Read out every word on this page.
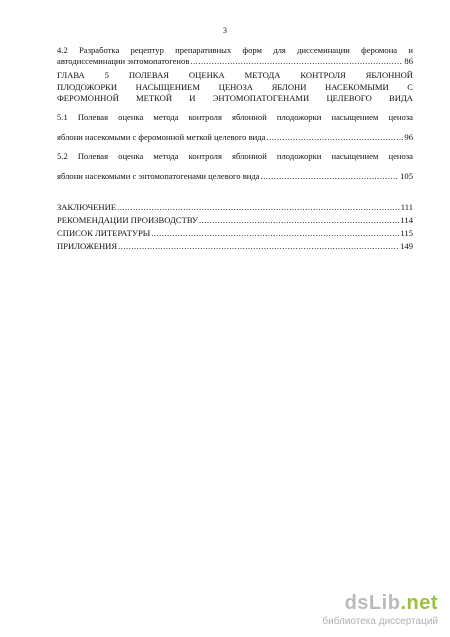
3
4.2 Разработка рецептур препаративных форм для диссеминации феромона и
автодиссеминации энтомопатогенов .....	86
ГЛАВА 5 ПОЛЕВАЯ ОЦЕНКА МЕТОДА КОНТРОЛЯ ЯБЛОННОЙ
ПЛОДОЖОРКИ НАСЫЩЕНИЕМ ЦЕНОЗА ЯБЛОНИ НАСЕКОМЫМИ С
ФЕРОМОННОЙ МЕТКОЙ И ЭНТОМОПАТОГЕНАМИ ЦЕЛЕВОГО ВИДА
5.1 Полевая оценка метода контроля яблонной плодожорки насыщением ценоза
яблони насекомыми с феромонной меткой целевого вида .....	96
5.2 Полевая оценка метода контроля яблонной плодожорки насыщением ценоза
яблони насекомыми с энтомопатогенами целевого вида .....	105
ЗАКЛЮЧЕНИЕ .....	111
РЕКОМЕНДАЦИИ ПРОИЗВОДСТВУ .....	114
СПИСОК ЛИТЕРАТУРЫ .....	115
ПРИЛОЖЕНИЯ .....	149
dsLib.net
библиотека диссертаций
